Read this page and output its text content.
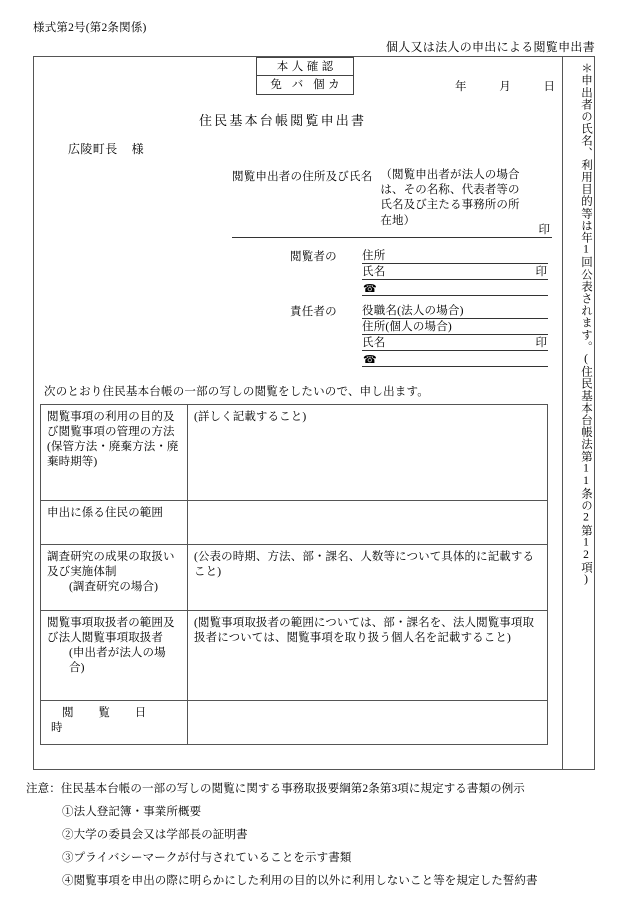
様式第2号(第2条関係)
個人又は法人の申出による閲覧申出書
本人確認
免 バ 個カ	年	月	日
住民基本台帳閲覧申出書
広陵町長 様
閲覧申出者の住所及び氏名 （閲覧申出者が法人の場合は、その名称、代表者等の氏名及び主たる事務所の所在地）
印
閲覧者の 住所
氏名	印
☎
責任者の 役職名(法人の場合)
住所(個人の場合)
氏名	印
☎
次のとおり住民基本台帳の一部の写しの閲覧をしたいので、申し出ます。
閲覧事項の利用の目的及
び閲覧事項の管理の方法
(保管方法・廃棄方法・廃
棄時期等)	(詳しく記載すること)
申出に係る住民の範囲	
調査研究の成果の取扱い
及び実施体制

(調査研究の場合)	(公表の時期、方法、部・課名、人数等について具体的に記載すること)
閲覧事項取扱者の範囲及
び法人閲覧事項取扱者

(申出者が法人の場合)	(閲覧事項取扱者の範囲については、部・課名を、法人閲覧事項取扱者については、閲覧事項を取り扱う個人名を記載すること)

閲 覧 日 時	

＊申出者の氏名、利用目的等は年1回公表されます。(住民基本台帳法第11条の2第12項)
注意：住民基本台帳の一部の写しの閲覧に関する事務取扱要綱第2条第3項に規定する書類の例示
①法人登記簿・事業所概要
②大学の委員会又は学部長の証明書
③プライバシーマークが付与されていることを示す書類
④閲覧事項を申出の際に明らかにした利用の目的以外に利用しないこと等を規定した誓約書
